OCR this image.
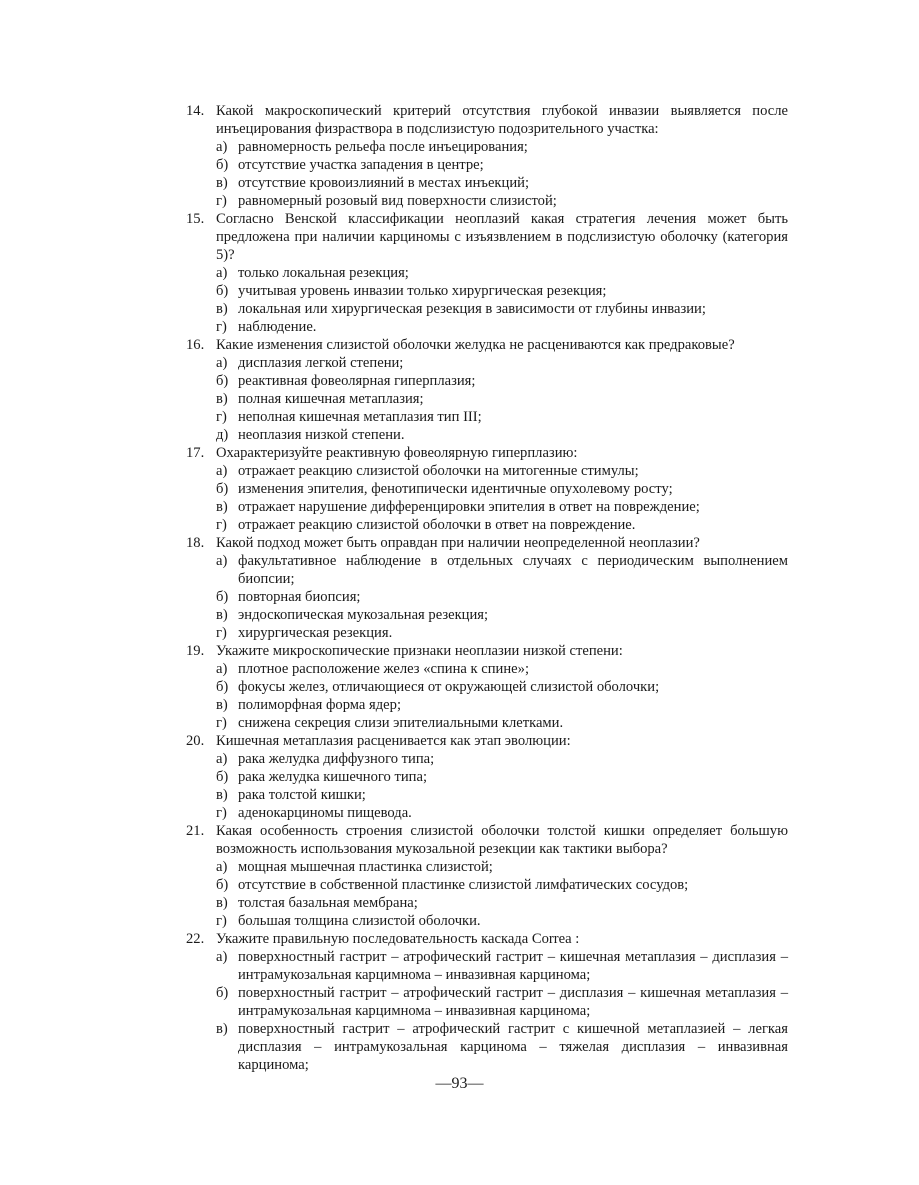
14. Какой макроскопический критерий отсутствия глубокой инвазии выявляется после инъецирования физраствора в подслизистую подозрительного участка:
а) равномерность рельефа после инъецирования;
б) отсутствие участка западения в центре;
в) отсутствие кровоизлияний в местах инъекций;
г) равномерный розовый вид поверхности слизистой;
15. Согласно Венской классификации неоплазий какая стратегия лечения может быть предложена при наличии карциномы с изъязвлением в подслизистую оболочку (категория 5)?
а) только локальная резекция;
б) учитывая уровень инвазии только хирургическая резекция;
в) локальная или хирургическая резекция в зависимости от глубины инвазии;
г) наблюдение.
16. Какие изменения слизистой оболочки желудка не расцениваются как предраковые?
а) дисплазия легкой степени;
б) реактивная фовеолярная гиперплазия;
в) полная кишечная метаплазия;
г) неполная кишечная метаплазия тип III;
д) неоплазия низкой степени.
17. Охарактеризуйте реактивную фовеолярную гиперплазию:
а) отражает реакцию слизистой оболочки на митогенные стимулы;
б) изменения эпителия, фенотипически идентичные опухолевому росту;
в) отражает нарушение дифференцировки эпителия в ответ на повреждение;
г) отражает реакцию слизистой оболочки в ответ на повреждение.
18. Какой подход может быть оправдан при наличии неопределенной неоплазии?
а) факультативное наблюдение в отдельных случаях с периодическим выполнением биопсии;
б) повторная биопсия;
в) эндоскопическая мукозальная резекция;
г) хирургическая резекция.
19. Укажите микроскопические признаки неоплазии низкой степени:
а) плотное расположение желез «спина к спине»;
б) фокусы желез, отличающиеся от окружающей слизистой оболочки;
в) полиморфная форма ядер;
г) снижена секреция слизи эпителиальными клетками.
20. Кишечная метаплазия расценивается как этап эволюции:
а) рака желудка диффузного типа;
б) рака желудка кишечного типа;
в) рака толстой кишки;
г) аденокарциномы пищевода.
21. Какая особенность строения слизистой оболочки толстой кишки определяет большую возможность использования мукозальной резекции как тактики выбора?
а) мощная мышечная пластинка слизистой;
б) отсутствие в собственной пластинке слизистой лимфатических сосудов;
в) толстая базальная мембрана;
г) большая толщина слизистой оболочки.
22. Укажите правильную последовательность каскада Correa :
а) поверхностный гастрит – атрофический гастрит – кишечная метаплазия – дисплазия – интрамукозальная карцимнома – инвазивная карцинома;
б) поверхностный гастрит – атрофический гастрит – дисплазия – кишечная метаплазия – интрамукозальная карцимнома – инвазивная карцинома;
в) поверхностный гастрит – атрофический гастрит с кишечной метаплазией – легкая дисплазия – интрамукозальная карцинома – тяжелая дисплазия – инвазивная карцинома;
—93—
